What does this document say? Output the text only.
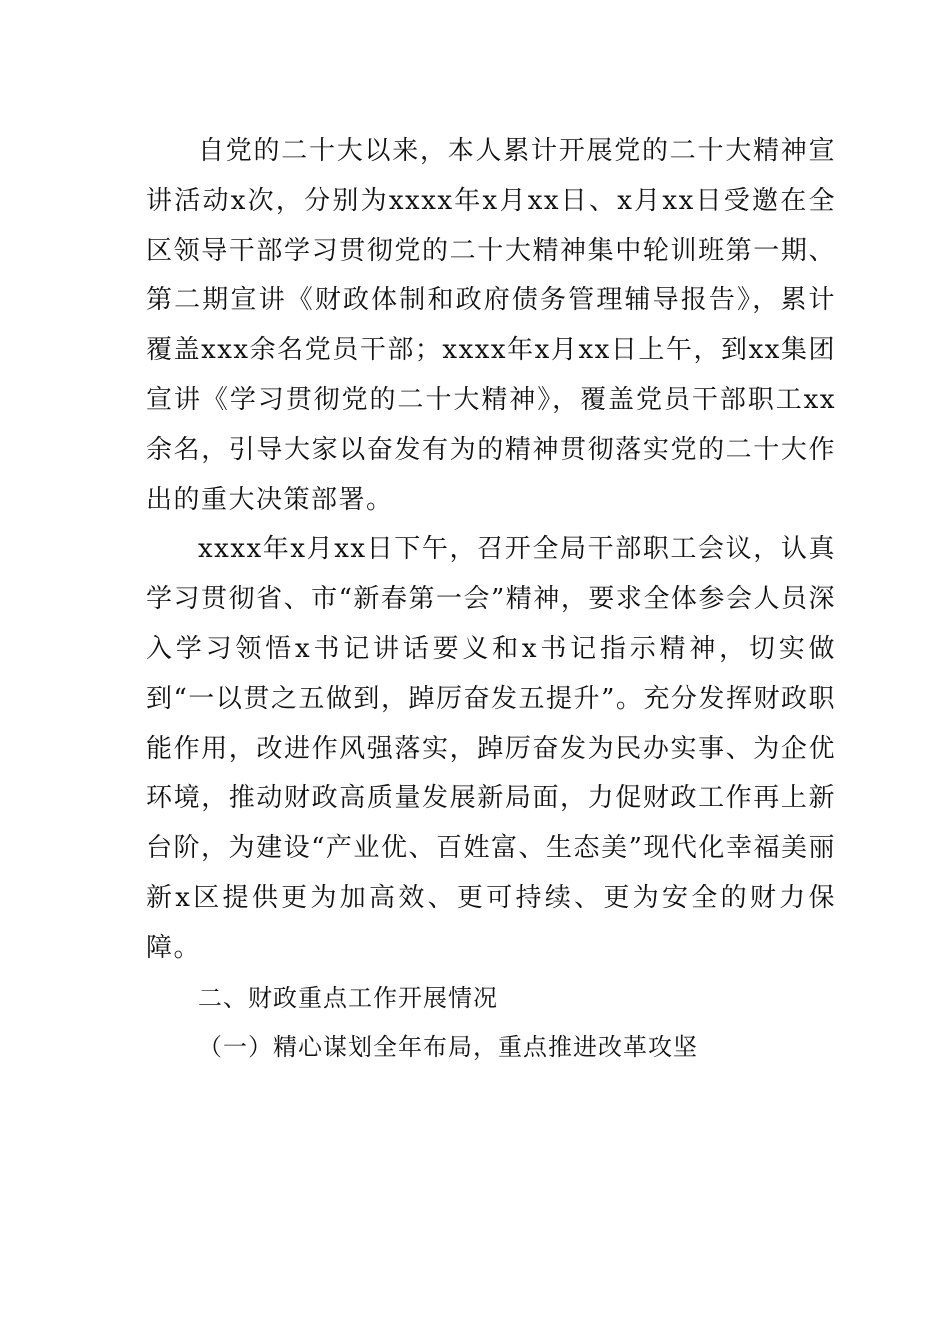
自党的二十大以来，本人累计开展党的二十大精神宣讲活动x次，分别为xxxx年x月xx日、x月xx日受邀在全区领导干部学习贯彻党的二十大精神集中轮训班第一期、第二期宣讲《财政体制和政府债务管理辅导报告》，累计覆盖xxx余名党员干部；xxxx年x月xx日上午，到xx集团宣讲《学习贯彻党的二十大精神》，覆盖党员干部职工xx余名，引导大家以奋发有为的精神贯彻落实党的二十大作出的重大决策部署。

xxxx年x月xx日下午，召开全局干部职工会议，认真学习贯彻省、市“新春第一会”精神，要求全体参会人员深入学习领悟x书记讲话要义和x书记指示精神，切实做到“一以贯之五做到，踔厉奋发五提升”。充分发挥财政职能作用，改进作风强落实，踔厉奋发为民办实事、为企优环境，推动财政高质量发展新局面，力促财政工作再上新台阶，为建设“产业优、百姓富、生态美”现代化幸福美丽新x区提供更为加高效、更可持续、更为安全的财力保障。

二、财政重点工作开展情况

（一）精心谋划全年布局，重点推进改革攻坚
